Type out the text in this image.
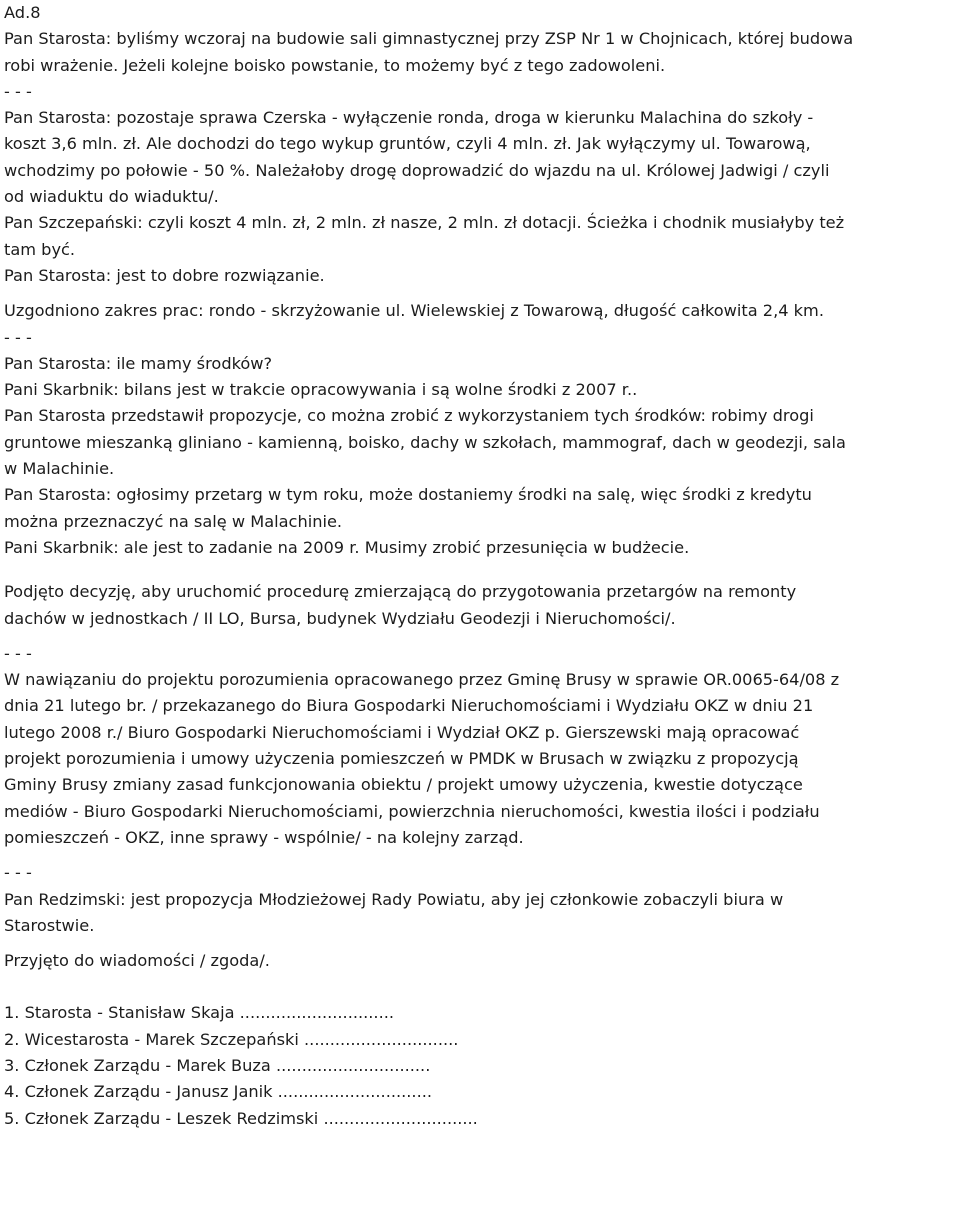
Ad.8
Pan Starosta: byliśmy wczoraj na budowie sali gimnastycznej przy ZSP Nr 1 w Chojnicach, której budowa
robi wrażenie. Jeżeli kolejne boisko powstanie, to możemy być z tego zadowoleni.
- - -
Pan Starosta: pozostaje sprawa Czerska - wyłączenie ronda, droga w kierunku Malachina do szkoły -
koszt 3,6 mln. zł. Ale dochodzi do tego wykup gruntów, czyli 4 mln. zł. Jak wyłączymy ul. Towarową,
wchodzimy po połowie - 50 %. Należałoby drogę doprowadzić do wjazdu na ul. Królowej Jadwigi / czyli
od wiaduktu do wiaduktu/.
Pan Szczepański: czyli koszt 4 mln. zł, 2 mln. zł nasze, 2 mln. zł dotacji. Ścieżka i chodnik musiałyby też
tam być.
Pan Starosta: jest to dobre rozwiązanie.
Uzgodniono zakres prac: rondo - skrzyżowanie ul. Wielewskiej z Towarową, długość całkowita 2,4 km.
- - -
Pan Starosta: ile mamy środków?
Pani Skarbnik: bilans jest w trakcie opracowywania i są wolne środki z 2007 r..
Pan Starosta przedstawił propozycje, co można zrobić z wykorzystaniem tych środków: robimy drogi
gruntowe mieszanką gliniano - kamienną, boisko, dachy w szkołach, mammograf, dach w geodezji, sala
w Malachinie.
Pan Starosta: ogłosimy przetarg w tym roku, może dostaniemy środki na salę, więc środki z kredytu
można przeznaczyć na salę w Malachinie.
Pani Skarbnik: ale jest to zadanie na 2009 r. Musimy zrobić przesunięcia w budżecie.
Podjęto decyzję, aby uruchomić procedurę zmierzającą do przygotowania przetargów na remonty
dachów w jednostkach / II LO, Bursa, budynek Wydziału Geodezji i Nieruchomości/.
- - -
W nawiązaniu do projektu porozumienia opracowanego przez Gminę Brusy w sprawie OR.0065-64/08 z
dnia 21 lutego br. / przekazanego do Biura Gospodarki Nieruchomościami i Wydziału OKZ w dniu 21
lutego 2008 r./ Biuro Gospodarki Nieruchomościami i Wydział OKZ p. Gierszewski mają opracować
projekt porozumienia i umowy użyczenia pomieszczeń w PMDK w Brusach w związku z propozycją
Gminy Brusy zmiany zasad funkcjonowania obiektu / projekt umowy użyczenia, kwestie dotyczące
mediów - Biuro Gospodarki Nieruchomościami, powierzchnia nieruchomości, kwestia ilości i podziału
pomieszczeń - OKZ, inne sprawy - wspólnie/ - na kolejny zarząd.
- - -
Pan Redzimski: jest propozycja Młodzieżowej Rady Powiatu, aby jej członkowie zobaczyli biura w
Starostwie.
Przyjęto do wiadomości / zgoda/.
1. Starosta - Stanisław Skaja ..............................
2. Wicestarosta - Marek Szczepański ..............................
3. Członek Zarządu - Marek Buza ..............................
4. Członek Zarządu - Janusz Janik ..............................
5. Członek Zarządu - Leszek Redzimski ..............................
